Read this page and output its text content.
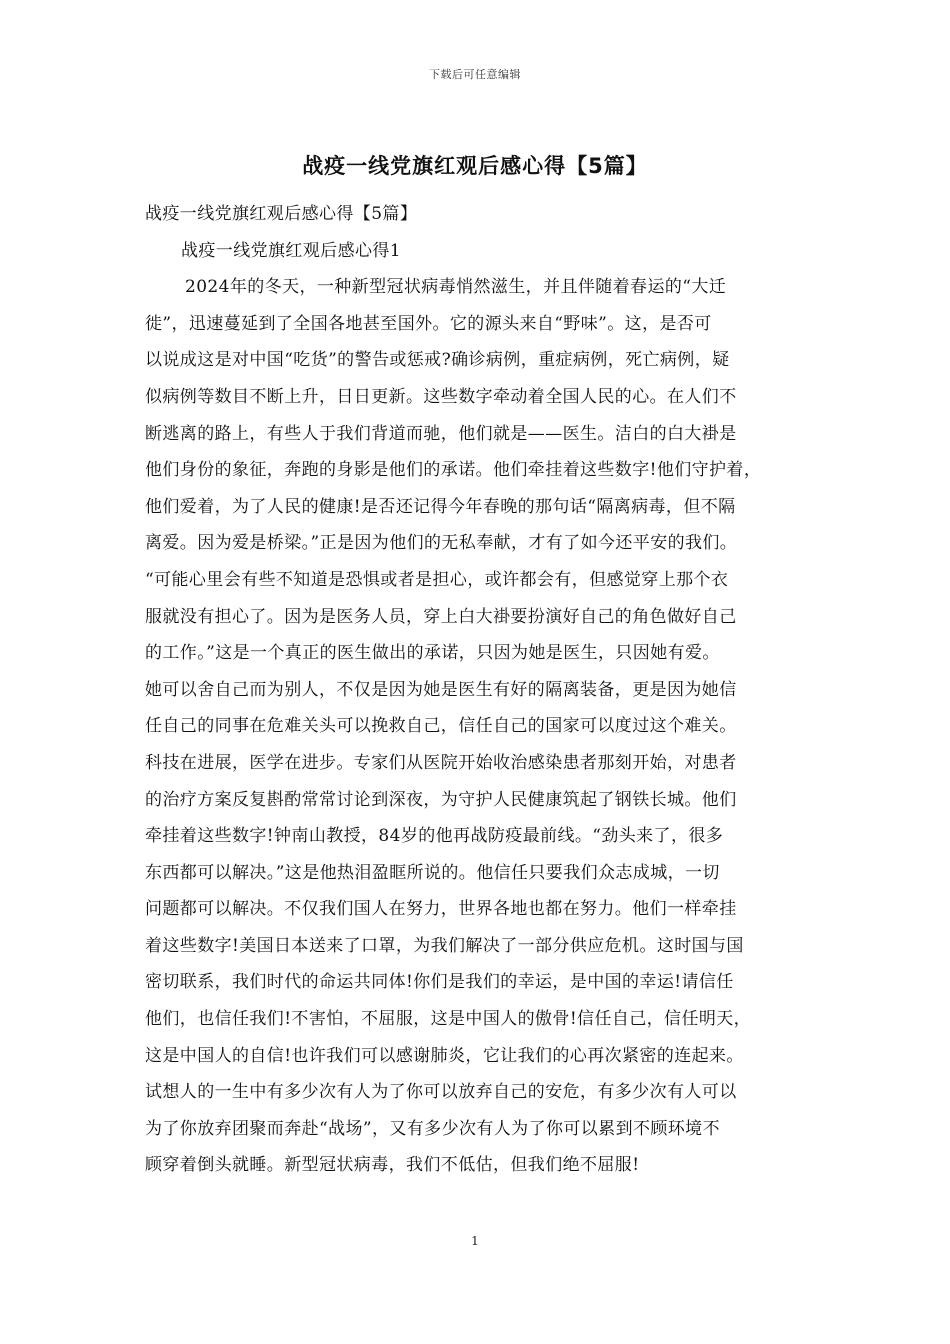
下载后可任意编辑
战疫一线党旗红观后感心得【5篇】
战疫一线党旗红观后感心得【5篇】
战疫一线党旗红观后感心得1
2024年的冬天，一种新型冠状病毒悄然滋生，并且伴随着春运的“大迁
徙”，迅速蔓延到了全国各地甚至国外。它的源头来自“野味”。这，是否可
以说成这是对中国“吃货”的警告或惩戒?确诊病例，重症病例，死亡病例，疑
似病例等数目不断上升，日日更新。这些数字牵动着全国人民的心。在人们不
断逃离的路上，有些人于我们背道而驰，他们就是——医生。洁白的白大褂是
他们身份的象征，奔跑的身影是他们的承诺。他们牵挂着这些数字!他们守护着，
他们爱着，为了人民的健康!是否还记得今年春晚的那句话“隔离病毒，但不隔
离爱。因为爱是桥梁。”正是因为他们的无私奉献，才有了如今还平安的我们。
“可能心里会有些不知道是恐惧或者是担心，或许都会有，但感觉穿上那个衣
服就没有担心了。因为是医务人员，穿上白大褂要扮演好自己的角色做好自己
的工作。”这是一个真正的医生做出的承诺，只因为她是医生，只因她有爱。
她可以舍自己而为别人，不仅是因为她是医生有好的隔离装备，更是因为她信
任自己的同事在危难关头可以挽救自己，信任自己的国家可以度过这个难关。
科技在进展，医学在进步。专家们从医院开始收治感染患者那刻开始，对患者
的治疗方案反复斟酌常常讨论到深夜，为守护人民健康筑起了钢铁长城。他们
牵挂着这些数字!钟南山教授，84岁的他再战防疫最前线。“劲头来了，很多
东西都可以解决。”这是他热泪盈眶所说的。他信任只要我们众志成城，一切
问题都可以解决。不仅我们国人在努力，世界各地也都在努力。他们一样牵挂
着这些数字!美国日本送来了口罩，为我们解决了一部分供应危机。这时国与国
密切联系，我们时代的命运共同体!你们是我们的幸运，是中国的幸运!请信任
他们，也信任我们!不害怕，不屈服，这是中国人的傲骨!信任自己，信任明天，
这是中国人的自信!也许我们可以感谢肺炎，它让我们的心再次紧密的连起来。
试想人的一生中有多少次有人为了你可以放弃自己的安危，有多少次有人可以
为了你放弃团聚而奔赴“战场”，又有多少次有人为了你可以累到不顾环境不
顾穿着倒头就睡。新型冠状病毒，我们不低估，但我们绝不屈服!
1
